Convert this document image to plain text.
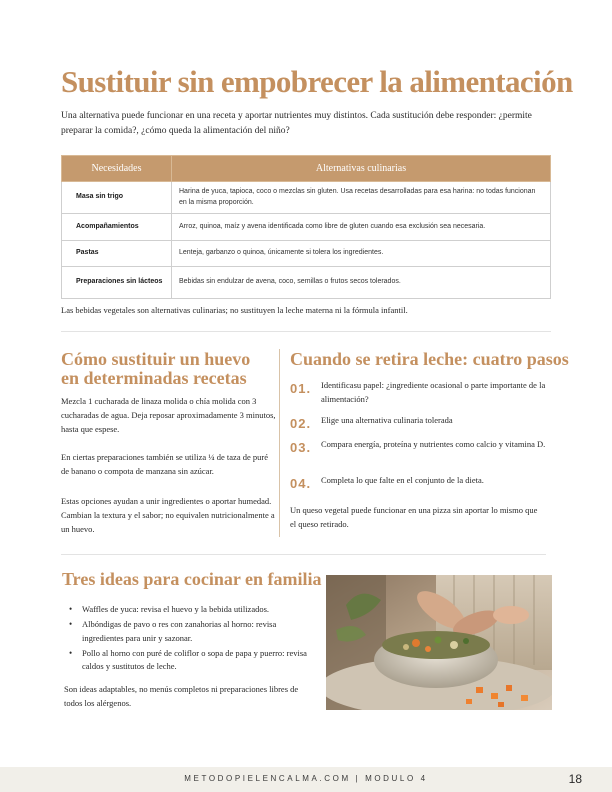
Sustituir sin empobrecer la alimentación

Una alternativa puede funcionar en una receta y aportar nutrientes muy distintos. Cada sustitución debe responder: ¿permite preparar la comida?, ¿cómo queda la alimentación del niño?

Necesidades	Alternativas culinarias
Masa sin trigo	Harina de yuca, tapioca, coco o mezclas sin gluten. Usa recetas desarrolladas para esa harina: no todas funcionan en la misma proporción.
Acompañamientos	Arroz, quinoa, maíz y avena identificada como libre de gluten cuando esa exclusión sea necesaria.
Pastas	Lenteja, garbanzo o quinoa, únicamente si tolera los ingredientes.
Preparaciones sin lácteos	Bebidas sin endulzar de avena, coco, semillas o frutos secos tolerados.

Las bebidas vegetales son alternativas culinarias; no sustituyen la leche materna ni la fórmula infantil.

Cómo sustituir un huevo en determinadas recetas

Mezcla 1 cucharada de linaza molida o chía molida con 3 cucharadas de agua. Deja reposar aproximadamente 3 minutos, hasta que espese.

En ciertas preparaciones también se utiliza ¼ de taza de puré de banano o compota de manzana sin azúcar.

Estas opciones ayudan a unir ingredientes o aportar humedad. Cambian la textura y el sabor; no equivalen nutricionalmente a un huevo.

Cuando se retira leche: cuatro pasos
01. Identificasu papel: ¿ingrediente ocasional o parte importante de la alimentación?
02. Elige una alternativa culinaria tolerada
03. Compara energía, proteína y nutrientes como calcio y vitamina D.
04. Completa lo que falte en el conjunto de la dieta.

Un queso vegetal puede funcionar en una pizza sin aportar lo mismo que el queso retirado.

Tres ideas para cocinar en familia
• Waffles de yuca: revisa el huevo y la bebida utilizados.
• Albóndigas de pavo o res con zanahorias al horno: revisa ingredientes para unir y sazonar.
• Pollo al horno con puré de coliflor o sopa de papa y puerro: revisa caldos y sustitutos de leche.

Son ideas adaptables, no menús completos ni preparaciones libres de todos los alérgenos.

METODOPIELENCALMA.COM | MODULO 4	18
